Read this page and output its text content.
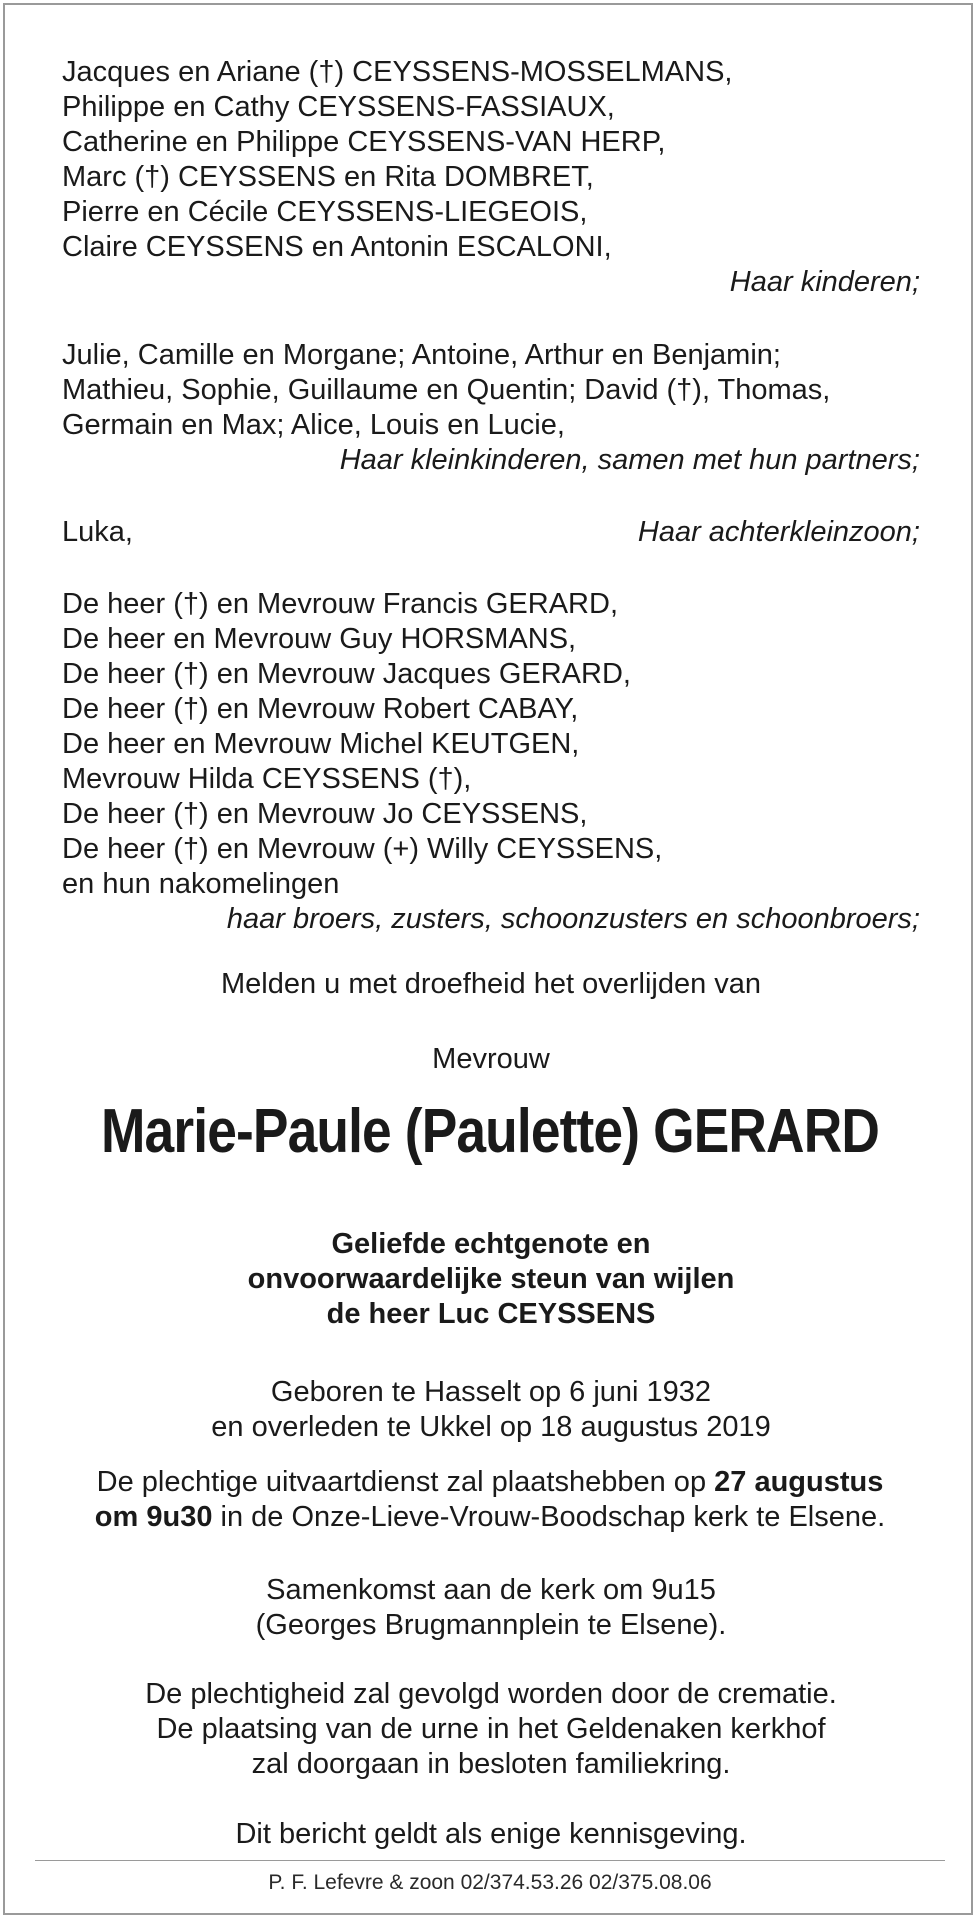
Jacques en Ariane (†) CEYSSENS-MOSSELMANS,
Philippe en Cathy CEYSSENS-FASSIAUX,
Catherine en Philippe CEYSSENS-VAN HERP,
Marc (†) CEYSSENS en Rita DOMBRET,
Pierre en Cécile CEYSSENS-LIEGEOIS,
Claire CEYSSENS en Antonin ESCALONI,
Haar kinderen;
Julie, Camille en Morgane; Antoine, Arthur en Benjamin;
Mathieu, Sophie, Guillaume en Quentin; David (†), Thomas,
Germain en Max; Alice, Louis en Lucie,
Haar kleinkinderen, samen met hun partners;
Luka,	Haar achterkleinzoon;
De heer (†) en Mevrouw Francis GERARD,
De heer en Mevrouw Guy HORSMANS,
De heer (†) en Mevrouw Jacques GERARD,
De heer (†) en Mevrouw Robert CABAY,
De heer en Mevrouw Michel KEUTGEN,
Mevrouw Hilda CEYSSENS (†),
De heer (†) en Mevrouw Jo CEYSSENS,
De heer (†) en Mevrouw (+) Willy CEYSSENS,
en hun nakomelingen
haar broers, zusters, schoonzusters en schoonbroers;
Melden u met droefheid het overlijden van
Mevrouw
Marie-Paule (Paulette) GERARD
Geliefde echtgenote en
onvoorwaardelijke steun van wijlen
de heer Luc CEYSSENS
Geboren te Hasselt op 6 juni 1932
en overleden te Ukkel op 18 augustus 2019
De plechtige uitvaartdienst zal plaatshebben op 27 augustus
om 9u30 in de Onze-Lieve-Vrouw-Boodschap kerk te Elsene.
Samenkomst aan de kerk om 9u15
(Georges Brugmannplein te Elsene).
De plechtigheid zal gevolgd worden door de crematie.
De plaatsing van de urne in het Geldenaken kerkhof
zal doorgaan in besloten familiekring.
Dit bericht geldt als enige kennisgeving.
P. F. Lefevre & zoon 02/374.53.26 02/375.08.06
